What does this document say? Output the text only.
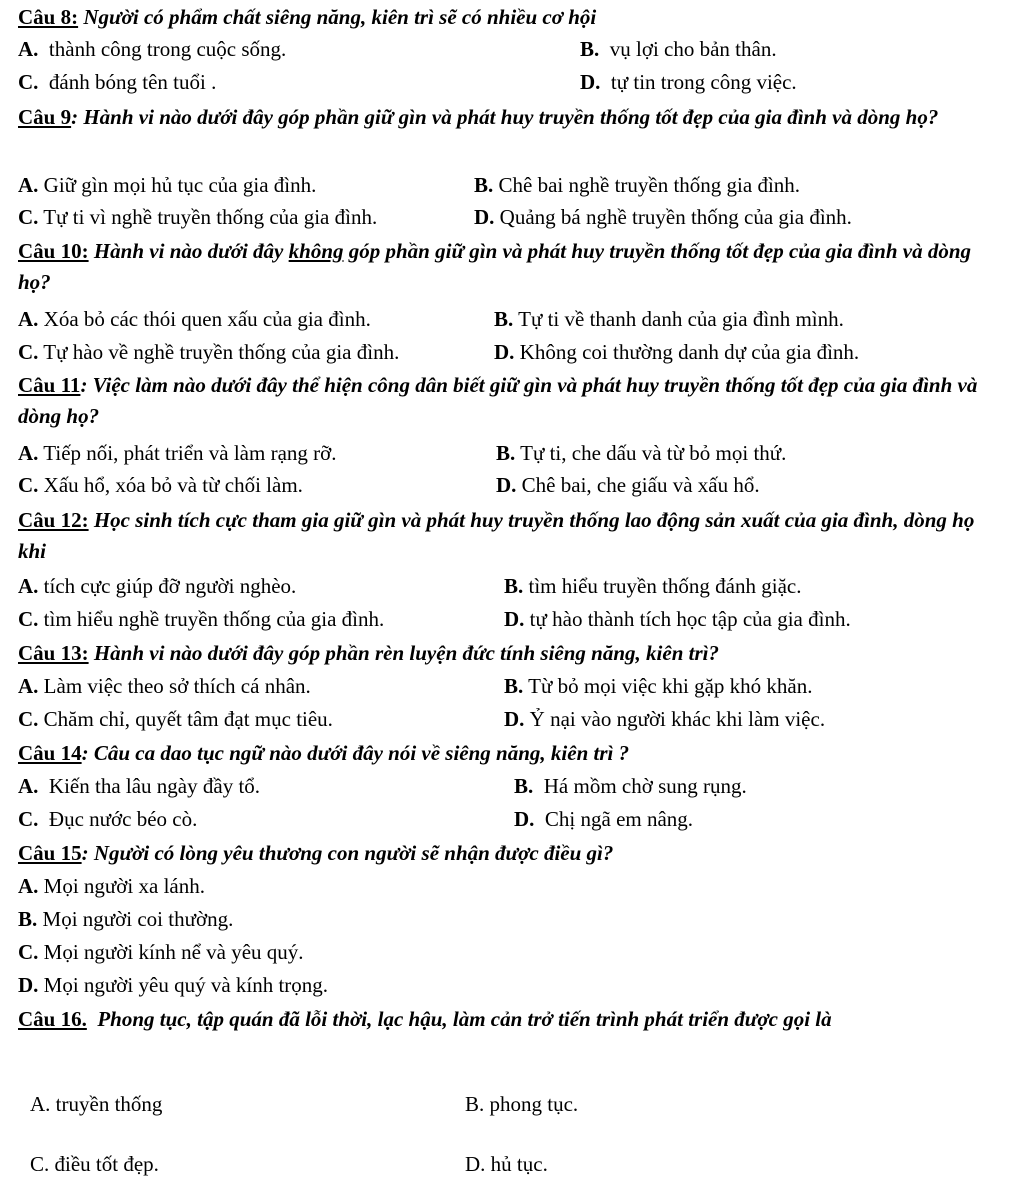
Câu 8: Người có phẩm chất siêng năng, kiên trì sẽ có nhiều cơ hội
A. thành công trong cuộc sống.	B. vụ lợi cho bản thân.
C. đánh bóng tên tuổi .	D. tự tin trong công việc.
Câu 9: Hành vi nào dưới đây góp phần giữ gìn và phát huy truyền thống tốt đẹp của gia đình và dòng họ?
A. Giữ gìn mọi hủ tục của gia đình.	B. Chê bai nghề truyền thống gia đình.
C. Tự ti vì nghề truyền thống của gia đình.	D. Quảng bá nghề truyền thống của gia đình.
Câu 10: Hành vi nào dưới đây không góp phần giữ gìn và phát huy truyền thống tốt đẹp của gia đình và dòng họ?
A. Xóa bỏ các thói quen xấu của gia đình.	B. Tự ti về thanh danh của gia đình mình.
C. Tự hào về nghề truyền thống của gia đình.	D. Không coi thường danh dự của gia đình.
Câu 11: Việc làm nào dưới đây thể hiện công dân biết giữ gìn và phát huy truyền thống tốt đẹp của gia đình và dòng họ?
A. Tiếp nối, phát triển và làm rạng rỡ.	B. Tự ti, che dấu và từ bỏ mọi thứ.
C. Xấu hổ, xóa bỏ và từ chối làm.	D. Chê bai, che giấu và xấu hổ.
Câu 12: Học sinh tích cực tham gia giữ gìn và phát huy truyền thống lao động sản xuất của gia đình, dòng họ khi
A. tích cực giúp đỡ người nghèo.	B. tìm hiểu truyền thống đánh giặc.
C. tìm hiểu nghề truyền thống của gia đình.	D. tự hào thành tích học tập của gia đình.
Câu 13: Hành vi nào dưới đây góp phần rèn luyện đức tính siêng năng, kiên trì?
A. Làm việc theo sở thích cá nhân.	B. Từ bỏ mọi việc khi gặp khó khăn.
C. Chăm chỉ, quyết tâm đạt mục tiêu.	D. Ỷ nại vào người khác khi làm việc.
Câu 14: Câu ca dao tục ngữ nào dưới đây nói về siêng năng, kiên trì ?
A. Kiến tha lâu ngày đầy tổ.	B. Há mồm chờ sung rụng.
C. Đục nước béo cò.	D. Chị ngã em nâng.
Câu 15: Người có lòng yêu thương con người sẽ nhận được điều gì?
A. Mọi người xa lánh.
B. Mọi người coi thường.
C. Mọi người kính nể và yêu quý.
D. Mọi người yêu quý và kính trọng.
Câu 16. Phong tục, tập quán đã lỗi thời, lạc hậu, làm cản trở tiến trình phát triển được gọi là
A. truyền thống	B. phong tục.
C. điều tốt đẹp.	D. hủ tục.
